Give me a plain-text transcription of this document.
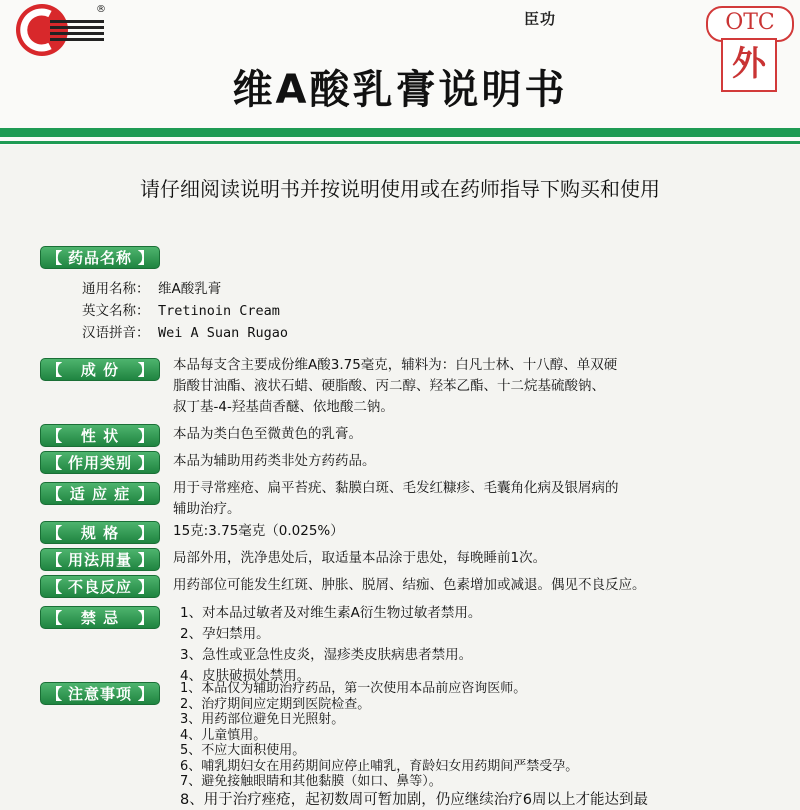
®
臣功	OTC
外
维A酸乳膏说明书
请仔细阅读说明书并按说明使用或在药师指导下购买和使用
【 药品名称 】
通用名称： 维A酸乳膏
英文名称： Tretinoin Cream
汉语拼音： Wei A Suan Rugao
【	成 份	】 本品每支含主要成份维A酸3.75毫克，辅料为：白凡士林、十八醇、单双硬
脂酸甘油酯、液状石蜡、硬脂酸、丙二醇、羟苯乙酯、十二烷基硫酸钠、
叔丁基-4-羟基茴香醚、依地酸二钠。
【	性 状	】 本品为类白色至微黄色的乳膏。
【 作用类别 】 本品为辅助用药类非处方药药品。
【 适 应 症 】 用于寻常痤疮、扁平苔疣、黏膜白斑、毛发红糠疹、毛囊角化病及银屑病的
辅助治疗。
【	规 格	】 15克:3.75毫克（0.025%）
【 用法用量 】 局部外用，洗净患处后，取适量本品涂于患处，每晚睡前1次。
【 不良反应 】 用药部位可能发生红斑、肿胀、脱屑、结痂、色素增加或减退。偶见不良反应。
【	禁 忌	】 1、对本品过敏者及对维生素A衍生物过敏者禁用。
2、孕妇禁用。
3、急性或亚急性皮炎，湿疹类皮肤病患者禁用。
4、皮肤破损处禁用。
【 注意事项 】 1、本品仅为辅助治疗药品，第一次使用本品前应咨询医师。
2、治疗期间应定期到医院检查。
3、用药部位避免日光照射。
4、儿童慎用。
5、不应大面积使用。
6、哺乳期妇女在用药期间应停止哺乳，育龄妇女用药期间严禁受孕。
7、避免接触眼睛和其他黏膜（如口、鼻等）。
8、用于治疗痤疮，起初数周可暂加剧，仍应继续治疗6周以上才能达到最
